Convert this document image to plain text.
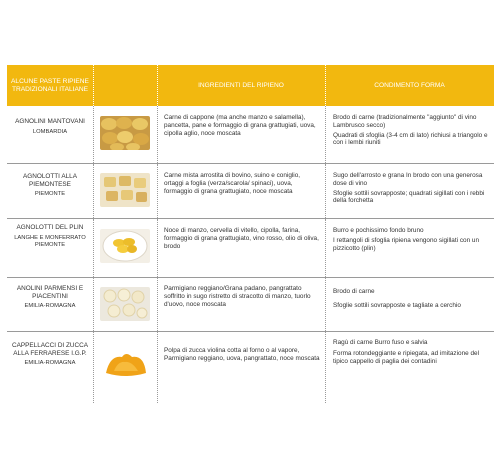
ALCUNE PASTE RIPIENE TRADIZIONALI ITALIANE
INGREDIENTI DEL RIPIENO	CONDIMENTO FORMA
AGNOLINI MANTOVANI
LOMBARDIA
Carne di cappone (ma anche manzo e salamella), pancetta, pane e formaggio di grana grattugiati, uova, cipolla aglio, noce moscata

Brodo di carne (tradizionalmente "aggiunto" di vino Lambrusco secco)

Quadrati di sfoglia (3-4 cm di lato) richiusi a triangolo e con i lembi riuniti

AGNOLOTTI ALLA PIEMONTESE
PIEMONTE
Carne mista arrostita di bovino, suino e coniglio, ortaggi a foglia (verza/scarola/ spinaci), uova, formaggio di grana grattugiato, noce moscata

Sugo dell'arrosto e grana In brodo con una generosa dose di vino

Sfoglie sottili sovrapposte; quadrati sigillati con i rebbi della forchetta

AGNOLOTTI DEL PLIN
LANGHE E MONFERRATO
PIEMONTE
Noce di manzo, cervella di vitello, cipolla, farina, formaggio di grana grattugiato, vino rosso, olio di oliva, brodo

Burro e pochissimo fondo bruno

I rettangoli di sfoglia ripiena vengono sigillati con un pizzicotto (plin)

ANOLINI PARMENSI E PIACENTINI
EMILIA-ROMAGNA
Parmigiano reggiano/Grana padano, pangrattato soffritto in sugo ristretto di stracotto di manzo, tuorlo d'uovo, noce moscata

Brodo di carne

Sfoglie sottili sovrapposte e tagliate a cerchio

CAPPELLACCI DI ZUCCA ALLA FERRARESE I.G.P.
EMILIA-ROMAGNA
Polpa di zucca violina cotta al forno o al vapore, Parmigiano reggiano, uova, pangrattato, noce moscata

Ragù di carne Burro fuso e salvia

Forma rotondeggiante e ripiegata, ad imitazione del tipico cappello di paglia dei contadini
